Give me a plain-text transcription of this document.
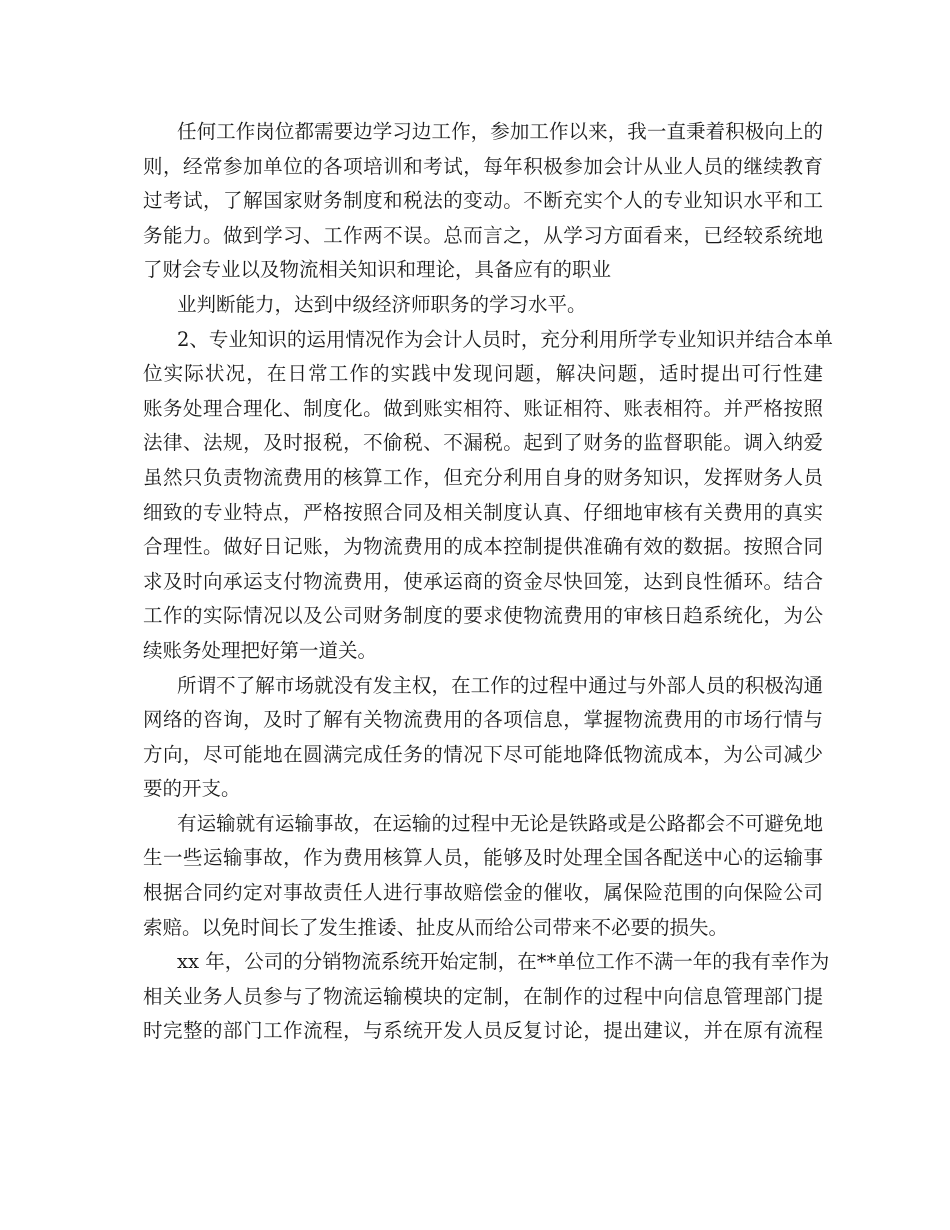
任何工作岗位都需要边学习边工作，参加工作以来，我一直秉着积极向上的
则，经常参加单位的各项培训和考试，每年积极参加会计从业人员的继续教育
过考试，了解国家财务制度和税法的变动。不断充实个人的专业知识水平和工
务能力。做到学习、工作两不误。总而言之，从学习方面看来，已经较系统地
了财会专业以及物流相关知识和理论，具备应有的职业
业判断能力，达到中级经济师职务的学习水平。
2、专业知识的运用情况作为会计人员时，充分利用所学专业知识并结合本单
位实际状况，在日常工作的实践中发现问题，解决问题，适时提出可行性建
账务处理合理化、制度化。做到账实相符、账证相符、账表相符。并严格按照
法律、法规，及时报税，不偷税、不漏税。起到了财务的监督职能。调入纳爱
虽然只负责物流费用的核算工作，但充分利用自身的财务知识，发挥财务人员
细致的专业特点，严格按照合同及相关制度认真、仔细地审核有关费用的真实
合理性。做好日记账，为物流费用的成本控制提供准确有效的数据。按照合同
求及时向承运支付物流费用，使承运商的资金尽快回笼，达到良性循环。结合
工作的实际情况以及公司财务制度的要求使物流费用的审核日趋系统化，为公
续账务处理把好第一道关。
所谓不了解市场就没有发主权，在工作的过程中通过与外部人员的积极沟通
网络的咨询，及时了解有关物流费用的各项信息，掌握物流费用的市场行情与
方向，尽可能地在圆满完成任务的情况下尽可能地降低物流成本，为公司减少
要的开支。
有运输就有运输事故，在运输的过程中无论是铁路或是公路都会不可避免地
生一些运输事故，作为费用核算人员，能够及时处理全国各配送中心的运输事
根据合同约定对事故责任人进行事故赔偿金的催收，属保险范围的向保险公司
索赔。以免时间长了发生推诿、扯皮从而给公司带来不必要的损失。
xx 年，公司的分销物流系统开始定制，在**单位工作不满一年的我有幸作为
相关业务人员参与了物流运输模块的定制，在制作的过程中向信息管理部门提
时完整的部门工作流程，与系统开发人员反复讨论，提出建议，并在原有流程
